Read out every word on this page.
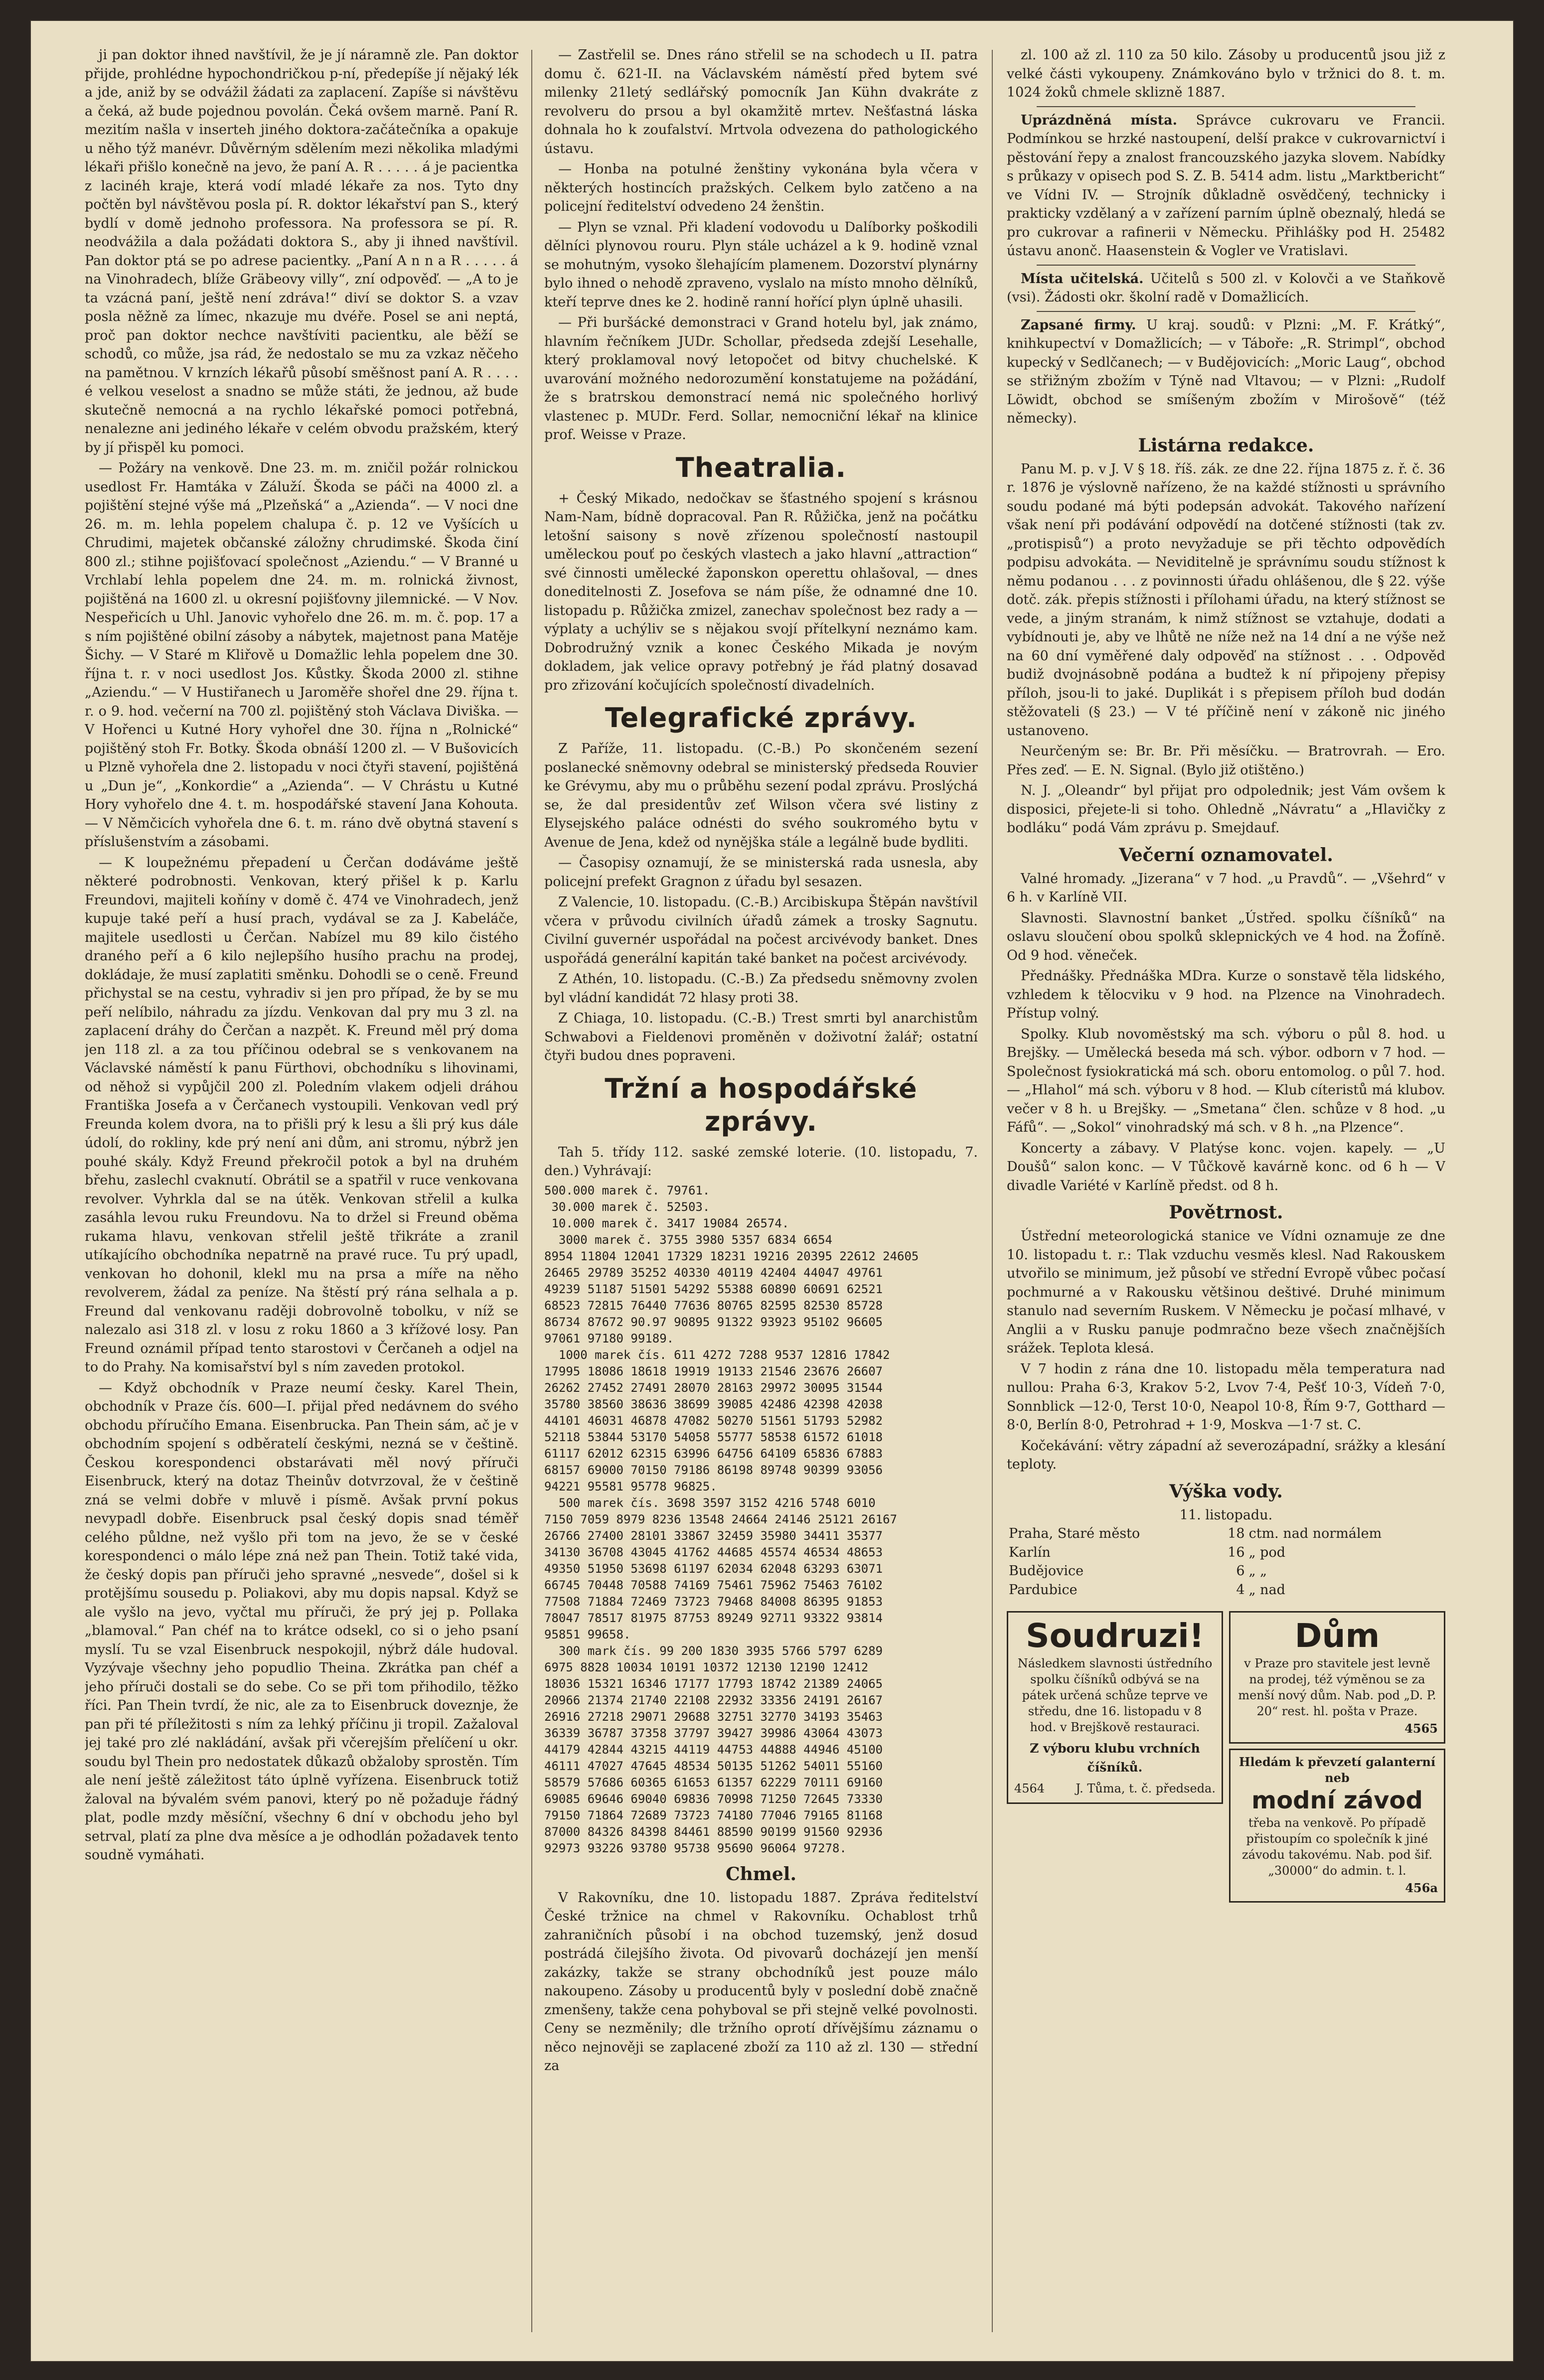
ji pan doktor ihned navštívil, že je jí náramně zle. Pan doktor přijde, prohlédne hypochondričkou p-ní, předepíše jí nějaký lék a jde, aniž by se odvážil žádati za zaplacení. Zapíše si návštěvu a čeká, až bude pojednou povolán. Čeká ovšem marně. Paní R. mezitím našla v inserteh jiného doktora-začátečníka a opakuje u něho týž manévr. Důvěrným sdělením mezi několika mladými lékaři přišlo konečně na jevo, že paní A. R . . . . . á je pacientka z lacinéh kraje, která vodí mladé lékaře za nos. Tyto dny počtěn byl návštěvou posla pí. R. doktor lékařství pan S., který bydlí v domě jednoho professora. Na professora se pí. R. neodvážila a dala požádati doktora S., aby ji ihned navštívil. Pan doktor ptá se po adrese pacientky. „Paní A n n a R . . . . . á na Vinohradech, blíže Gräbeovy villy“, zní odpověď. — „A to je ta vzácná paní, ještě není zdráva!“ diví se doktor S. a vzav posla něžně za límec, nkazuje mu dvéře. Posel se ani neptá, proč pan doktor nechce navštíviti pacientku, ale běží se schodů, co může, jsa rád, že nedostalo se mu za vzkaz něčeho na pamětnou. V krnzích lékařů působí směšnost paní A. R . . . . é velkou veselost a snadno se může státi, že jednou, až bude skutečně nemocná a na rychlo lékařské pomoci potřebná, nenalezne ani jediného lékaře v celém obvodu pražském, který by jí přispěl ku pomoci.

— Požáry na venkově. Dne 23. m. m. zničil požár rolnickou usedlost Fr. Hamtáka v Záluží. Škoda se páči na 4000 zl. a pojištění stejné výše má „Plzeňská“ a „Azienda“. — V noci dne 26. m. m. lehla popelem chalupa č. p. 12 ve Vyšících u Chrudimi, majetek občanské záložny chrudimské. Škoda činí 800 zl.; stihne pojišťovací společnost „Aziendu.“ — V Branné u Vrchlabí lehla popelem dne 24. m. m. rolnická živnost, pojištěná na 1600 zl. u okresní pojišťovny jilemnické. — V Nov. Nespeřicích u Uhl. Janovic vyhořelo dne 26. m. m. č. pop. 17 a s ním pojištěné obilní zásoby a nábytek, majetnost pana Matěje Šichy. — V Staré m Kliřově u Domažlic lehla popelem dne 30. října t. r. v noci usedlost Jos. Kůstky. Škoda 2000 zl. stihne „Aziendu.“ — V Hustiřanech u Jaroměře shořel dne 29. října t. r. o 9. hod. večerní na 700 zl. pojištěný stoh Václava Diviška. — V Hořenci u Kutné Hory vyhořel dne 30. října n „Rolnické“ pojištěný stoh Fr. Botky. Škoda obnáší 1200 zl. — V Bušovicích u Plzně vyhořela dne 2. listopadu v noci čtyři stavení, pojištěná u „Dun je“, „Konkordie“ a „Azienda“. — V Chrástu u Kutné Hory vyhořelo dne 4. t. m. hospodářské stavení Jana Kohouta. — V Němčicích vyhořela dne 6. t. m. ráno dvě obytná stavení s příslušenstvím a zásobami.

— K loupežnému přepadení u Čerčan dodáváme ještě některé podrobnosti. Venkovan, který přišel k p. Karlu Freundovi, majiteli koňíny v domě č. 474 ve Vinohradech, jenž kupuje také peří a husí prach, vydával se za J. Kabeláče, majitele usedlosti u Čerčan. Nabízel mu 89 kilo čistého draného peří a 6 kilo nejlepšího husího prachu na prodej, dokládaje, že musí zaplatiti směnku. Dohodli se o ceně. Freund přichystal se na cestu, vyhradiv si jen pro případ, že by se mu peří nelíbilo, náhradu za jízdu. Venkovan dal pry mu 3 zl. na zaplacení dráhy do Čerčan a nazpět. K. Freund měl prý doma jen 118 zl. a za tou příčinou odebral se s venkovanem na Václavské náměstí k panu Fürthovi, obchodníku s lihovinami, od něhož si vypůjčil 200 zl. Poledním vlakem odjeli dráhou Františka Josefa a v Čerčanech vystoupili. Venkovan vedl prý Freunda kolem dvora, na to přišli prý k lesu a šli prý kus dále údolí, do rokliny, kde prý není ani dům, ani stromu, nýbrž jen pouhé skály. Když Freund překročil potok a byl na druhém břehu, zaslechl cvaknutí. Obrátil se a spatřil v ruce venkovana revolver. Vyhrkla dal se na útěk. Venkovan střelil a kulka zasáhla levou ruku Freundovu. Na to držel si Freund oběma rukama hlavu, venkovan střelil ještě třikráte a zranil utíkajícího obchodníka nepatrně na pravé ruce. Tu prý upadl, venkovan ho dohonil, klekl mu na prsa a míře na něho revolverem, žádal za peníze. Na štěstí prý rána selhala a p. Freund dal venkovanu raději dobrovolně tobolku, v níž se nalezalo asi 318 zl. v losu z roku 1860 a 3 křížové losy. Pan Freund oznámil případ tento starostovi v Čerčaneh a odjel na to do Prahy. Na komisařství byl s ním zaveden protokol.

— Když obchodník v Praze neumí česky. Karel Thein, obchodník v Praze čís. 600—I. přijal před nedávnem do svého obchodu příručího Emana. Eisenbrucka. Pan Thein sám, ač je v obchodním spojení s odběratelí českými, nezná se v češtině. Českou korespondenci obstarávati měl nový příruči Eisenbruck, který na dotaz Theinův dotvrzoval, že v češtině zná se velmi dobře v mluvě i písmě. Avšak první pokus nevypadl dobře. Eisenbruck psal český dopis snad téměř celého půldne, než vyšlo při tom na jevo, že se v české korespondenci o málo lépe zná než pan Thein. Totiž také vida, že český dopis pan příruči jeho spravné „nesvede“, došel si k protějšímu sousedu p. Poliakovi, aby mu dopis napsal. Když se ale vyšlo na jevo, vyčtal mu příruči, že prý jej p. Pollaka „blamoval.“ Pan chéf na to krátce odsekl, co si o jeho psaní myslí. Tu se vzal Eisenbruck nespokojil, nýbrž dále hudoval. Vyzývaje všechny jeho popudlio Theina. Zkrátka pan chéf a jeho příruči dostali se do sebe. Co se při tom přihodilo, těžko říci. Pan Thein tvrdí, že nic, ale za to Eisenbruck doveznje, že pan při té příležitosti s ním za lehký příčinu ji tropil. Zažaloval jej také pro zlé nakládání, avšak při včerejším přelíčení u okr. soudu byl Thein pro nedostatek důkazů obžaloby sprostěn. Tím ale není ještě záležitost táto úplně vyřízena. Eisenbruck totiž žaloval na bývalém svém panovi, který po ně požaduje řádný plat, podle mzdy měsíční, všechny 6 dní v obchodu jeho byl setrval, platí za plne dva měsíce a je odhodlán požadavek tento soudně vymáhati.

— Zastřelil se. Dnes ráno střelil se na schodech u II. patra domu č. 621-II. na Václavském náměstí před bytem své milenky 21letý sedlářský pomocník Jan Kühn dvakráte z revolveru do prsou a byl okamžitě mrtev. Nešťastná láska dohnala ho k zoufalství. Mrtvola odvezena do pathologického ústavu.

— Honba na potulné ženštiny vykonána byla včera v některých hostincích pražských. Celkem bylo zatčeno a na policejní ředitelství odvedeno 24 ženštin.

— Plyn se vznal. Při kladení vodovodu u Dalíborky poškodili dělníci plynovou rouru. Plyn stále ucházel a k 9. hodině vznal se mohutným, vysoko šlehajícím plamenem. Dozorství plynárny bylo ihned o nehodě zpraveno, vyslalo na místo mnoho dělníků, kteří teprve dnes ke 2. hodině ranní hořící plyn úplně uhasili.

— Při buršácké demonstraci v Grand hotelu byl, jak známo, hlavním řečníkem JUDr. Schollar, předseda zdejší Lesehalle, který proklamoval nový letopočet od bitvy chuchelské. K uvarování možného nedorozumění konstatujeme na požádání, že s bratrskou demonstrací nemá nic společného horlivý vlastenec p. MUDr. Ferd. Sollar, nemocniční lékař na klinice prof. Weisse v Praze.

Theatralia.

+ Český Mikado, nedočkav se šťastného spojení s krásnou Nam-Nam, bídně dopracoval. Pan R. Růžička, jenž na počátku letošní saisony s nově zřízenou společností nastoupil uměleckou pouť po českých vlastech a jako hlavní „attraction“ své činnosti umělecké žaponskon operettu ohlašoval, — dnes doneditelnosti Z. Josefova se nám píše, že odnamné dne 10. listopadu p. Růžička zmizel, zanechav společnost bez rady a — výplaty a uchýliv se s nějakou svojí přítelkyní neznámo kam. Dobrodružný vznik a konec Českého Mikada je novým dokladem, jak velice opravy potřebný je řád platný dosavad pro zřizování kočujících společností divadelních.

Telegrafické zprávy.

Z Paříže, 11. listopadu. (C.-B.) Po skončeném sezení poslanecké sněmovny odebral se ministerský předseda Rouvier ke Grévymu, aby mu o průběhu sezení podal zprávu. Proslýchá se, že dal presidentův zeť Wilson včera své listiny z Elysejského paláce odnésti do svého soukromého bytu v Avenue de Jena, kdež od nynějška stále a legálně bude bydliti.

— Časopisy oznamují, že se ministerská rada usnesla, aby policejní prefekt Gragnon z úřadu byl sesazen.

Z Valencie, 10. listopadu. (C.-B.) Arcibiskupa Štěpán navštívil včera v průvodu civilních úřadů zámek a trosky Sagnutu. Civilní guvernér uspořádal na počest arcivévody banket. Dnes uspořádá generální kapitán také banket na počest arcivévody.

Z Athén, 10. listopadu. (C.-B.) Za předsedu sněmovny zvolen byl vládní kandidát 72 hlasy proti 38.

Z Chiaga, 10. listopadu. (C.-B.) Trest smrti byl anarchistům Schwabovi a Fieldenovi proměněn v doživotní žalář; ostatní čtyři budou dnes popraveni.

Tržní a hospodářské zprávy.

Tah 5. třídy 112. saské zemské loterie. (10. listopadu, 7. den.) Vyhrávají:

500.000 marek č. 79761.
30.000 marek č. 52503.
10.000 marek č. 3417 19084 26574.
3000 marek č. 3755 3980 5357 6834 6654
8954 11804 12041 17329 18231 19216 20395 22612 24605
26465 29789 35252 40330 40119 42404 44047 49761
49239 51187 51501 54292 55388 60890 60691 62521
68523 72815 76440 77636 80765 82595 82530 85728
86734 87672 90.97 90895 91322 93923 95102 96605
97061 97180 99189.
1000 marek čís. 611 4272 7288 9537 12816 17842
17995 18086 18618 19919 19133 21546 23676 26607
26262 27452 27491 28070 28163 29972 30095 31544
35780 38560 38636 38699 39085 42486 42398 42038
44101 46031 46878 47082 50270 51561 51793 52982
52118 53844 53170 54058 55777 58538 61572 61018
61117 62012 62315 63996 64756 64109 65836 67883
68157 69000 70150 79186 86198 89748 90399 93056
94221 95581 95778 96825.
500 marek čís. 3698 3597 3152 4216 5748 6010
7150 7059 8979 8236 13548 24664 24146 25121 26167
26766 27400 28101 33867 32459 35980 34411 35377
34130 36708 43045 41762 44685 45574 46534 48653
49350 51950 53698 61197 62034 62048 63293 63071
66745 70448 70588 74169 75461 75962 75463 76102
77508 71884 72469 73723 79468 84008 86395 91853
78047 78517 81975 87753 89249 92711 93322 93814
95851 99658.
300 mark čís. 99 200 1830 3935 5766 5797 6289
6975 8828 10034 10191 10372 12130 12190 12412
18036 15321 16346 17177 17793 18742 21389 24065
20966 21374 21740 22108 22932 33356 24191 26167
26916 27218 29071 29688 32751 32770 34193 35463
36339 36787 37358 37797 39427 39986 43064 43073
44179 42844 43215 44119 44753 44888 44946 45100
46111 47027 47645 48534 50135 51262 54011 55160
58579 57686 60365 61653 61357 62229 70111 69160
69085 69646 69040 69836 70998 71250 72645 73330
79150 71864 72689 73723 74180 77046 79165 81168
87000 84326 84398 84461 88590 90199 91560 92936
92973 93226 93780 95738 95690 96064 97278.
Chmel.

V Rakovníku, dne 10. listopadu 1887. Zpráva ředitelství České tržnice na chmel v Rakovníku. Ochablost trhů zahraničních působí i na obchod tuzemský, jenž dosud postrádá čilejšího života. Od pivovarů docházejí jen menší zakázky, takže se strany obchodníků jest pouze málo nakoupeno. Zásoby u producentů byly v poslední době značně zmenšeny, takže cena pohyboval se při stejně velké povolnosti. Ceny se nezměnily; dle tržního oprotí dřívějšímu záznamu o něco nejnověji se zaplacené zboží za 110 až zl. 130 — střední za

zl. 100 až zl. 110 za 50 kilo. Zásoby u producentů jsou již z velké části vykoupeny. Známkováno bylo v tržnici do 8. t. m. 1024 žoků chmele sklizně 1887.

Uprázdněná místa. Správce cukrovaru ve Francii. Podmínkou se hrzké nastoupení, delší prakce v cukrovarnictví i pěstování řepy a znalost francouzského jazyka slovem. Nabídky s průkazy v opisech pod S. Z. B. 5414 adm. listu „Marktbericht“ ve Vídni IV. — Strojník důkladně osvědčený, technicky i prakticky vzdělaný a v zařízení parním úplně obeznalý, hledá se pro cukrovar a rafinerii v Německu. Přihlášky pod H. 25482 ústavu anonč. Haasenstein & Vogler ve Vratislavi.

Místa učitelská. Učitelů s 500 zl. v Kolovči a ve Staňkově (vsi). Žádosti okr. školní radě v Domažlicích.

Zapsané firmy. U kraj. soudů: v Plzni: „M. F. Krátký“, knihkupectví v Domažlicích; — v Táboře: „R. Strimpl“, obchod kupecký v Sedlčanech; — v Budějovicích: „Moric Laug“, obchod se střižným zbožím v Týně nad Vltavou; — v Plzni: „Rudolf Löwidt, obchod se smíšeným zbožím v Mirošově“ (též německy).

Listárna redakce.

Panu M. p. v J. V § 18. říš. zák. ze dne 22. října 1875 z. ř. č. 36 r. 1876 je výslovně nařízeno, že na každé stížnosti u správního soudu podané má býti podepsán advokát. Takového nařízení však není při podávání odpovědí na dotčené stížnosti (tak zv. „protispisů“) a proto nevyžaduje se při těchto odpovědích podpisu advokáta. — Neviditelně je správnímu soudu stížnost k němu podanou . . . z povinnosti úřadu ohlášenou, dle § 22. výše dotč. zák. přepis stížnosti i přílohami úřadu, na který stížnost se vede, a jiným stranám, k nimž stížnost se vztahuje, dodati a vybídnouti je, aby ve lhůtě ne níže než na 14 dní a ne výše než na 60 dní vyměřené daly odpověď na stížnost . . . Odpověď budiž dvojnásobně podána a budtež k ní připojeny přepisy příloh, jsou-li to jaké. Duplikát i s přepisem příloh bud dodán stěžovateli (§ 23.) — V té příčině není v zákoně nic jiného ustanoveno.

Neurčeným se: Br. Br. Při měsíčku. — Bratrovrah. — Ero. Přes zeď. — E. N. Signal. (Bylo již otištěno.)

N. J. „Oleandr“ byl přijat pro odpolednik; jest Vám ovšem k disposici, přejete-li si toho. Ohledně „Návratu“ a „Hlavičky z bodláku“ podá Vám zprávu p. Smejdauf.

Večerní oznamovatel.

Valné hromady. „Jizerana“ v 7 hod. „u Pravdů“. — „Všehrd“ v 6 h. v Karlíně VII.

Slavnosti. Slavnostní banket „Ústřed. spolku číšníků“ na oslavu sloučení obou spolků sklepnických ve 4 hod. na Žofíně. Od 9 hod. věneček.

Přednášky. Přednáška MDra. Kurze o sonstavě těla lidského, vzhledem k tělocviku v 9 hod. na Plzence na Vinohradech. Přístup volný.

Spolky. Klub novoměstský ma sch. výboru o půl 8. hod. u Brejšky. — Umělecká beseda má sch. výbor. odborn v 7 hod. — Společnost fysiokratická má sch. oboru entomolog. o půl 7. hod. — „Hlahol“ má sch. výboru v 8 hod. — Klub cíteristů má klubov. večer v 8 h. u Brejšky. — „Smetana“ člen. schůze v 8 hod. „u Fáfů“. — „Sokol“ vinohradský má sch. v 8 h. „na Plzence“.

Koncerty a zábavy. V Platýse konc. vojen. kapely. — „U Doušů“ salon konc. — V Tůčkově kavárně konc. od 6 h — V divadle Variété v Karlíně předst. od 8 h.

Povětrnost.

Ústřední meteorologická stanice ve Vídni oznamuje ze dne 10. listopadu t. r.: Tlak vzduchu vesměs klesl. Nad Rakouskem utvořilo se minimum, jež působí ve střední Evropě vůbec počasí pochmurné a v Rakousku většinou deštivé. Druhé minimum stanulo nad severním Ruskem. V Německu je počasí mlhavé, v Anglii a v Rusku panuje podmračno beze všech značnějších srážek. Teplota klesá.

V 7 hodin z rána dne 10. listopadu měla temperatura nad nullou: Praha 6·3, Krakov 5·2, Lvov 7·4, Pešť 10·3, Vídeň 7·0, Sonnblick —12·0, Terst 10·0, Neapol 10·8, Řím 9·7, Gotthard —8·0, Berlín 8·0, Petrohrad + 1·9, Moskva —1·7 st. C.

Kočekávání: větry západní až severozápadní, srážky a klesání teploty.

Výška vody.
11. listopadu.
Praha, Staré město	18	ctm. nad normálem
Karlín	16	„ pod
Budějovice	6	„ „
Pardubice	4	„ nad
Soudruzi!
Následkem slavnosti ústředního spolku číšníků odbývá se na pátek určená schůze teprve ve středu, dne 16. listopadu v 8 hod. v Brejškově restauraci.
Z výboru klubu vrchních číšníků.
4564	J. Tůma, t. č. předseda.
Dům
v Praze pro stavitele jest levně na prodej, též výměnou se za menší nový dům. Nab. pod „D. P. 20“ rest. hl. pošta v Praze.
4565
Hledám k převzetí galanterní neb
modní závod
třeba na venkově. Po případě přistoupím co společník k jiné závodu takovému. Nab. pod šif. „30000“ do admin. t. l.
456a
